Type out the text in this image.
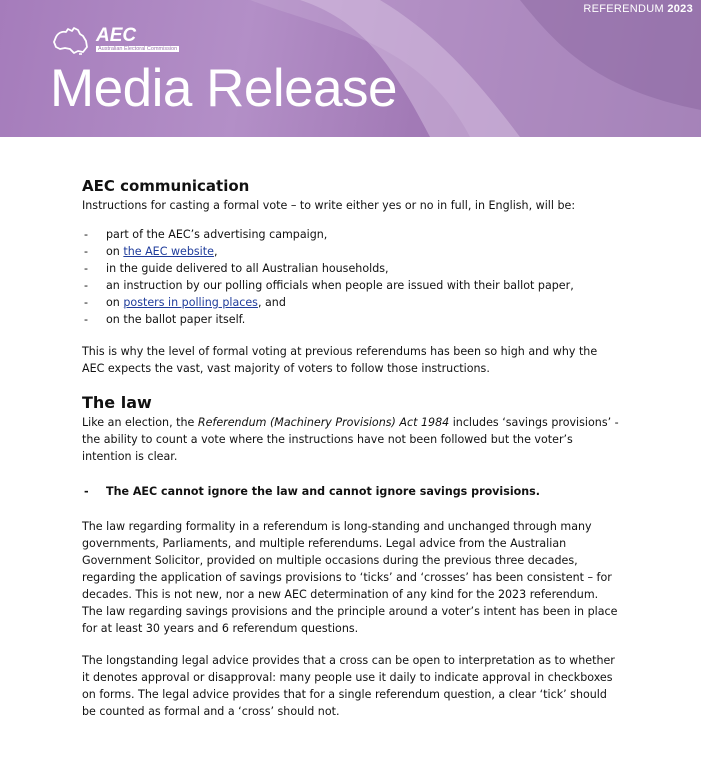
REFERENDUM 2023
AEC
Australian Electoral Commission
Media Release
AEC communication

Instructions for casting a formal vote – to write either yes or no in full, in English, will be:

- part of the AEC’s advertising campaign,
- on the AEC website,
- in the guide delivered to all Australian households,
- an instruction by our polling officials when people are issued with their ballot paper,
- on posters in polling places, and
- on the ballot paper itself.

This is why the level of formal voting at previous referendums has been so high and why the AEC expects the vast, vast majority of voters to follow those instructions.

The law

Like an election, the Referendum (Machinery Provisions) Act 1984 includes ‘savings provisions’ - the ability to count a vote where the instructions have not been followed but the voter’s intention is clear.

- The AEC cannot ignore the law and cannot ignore savings provisions.

The law regarding formality in a referendum is long-standing and unchanged through many governments, Parliaments, and multiple referendums. Legal advice from the Australian Government Solicitor, provided on multiple occasions during the previous three decades, regarding the application of savings provisions to ‘ticks’ and ‘crosses’ has been consistent – for decades. This is not new, nor a new AEC determination of any kind for the 2023 referendum. The law regarding savings provisions and the principle around a voter’s intent has been in place for at least 30 years and 6 referendum questions.

The longstanding legal advice provides that a cross can be open to interpretation as to whether it denotes approval or disapproval: many people use it daily to indicate approval in checkboxes on forms. The legal advice provides that for a single referendum question, a clear ‘tick’ should be counted as formal and a ‘cross’ should not.
